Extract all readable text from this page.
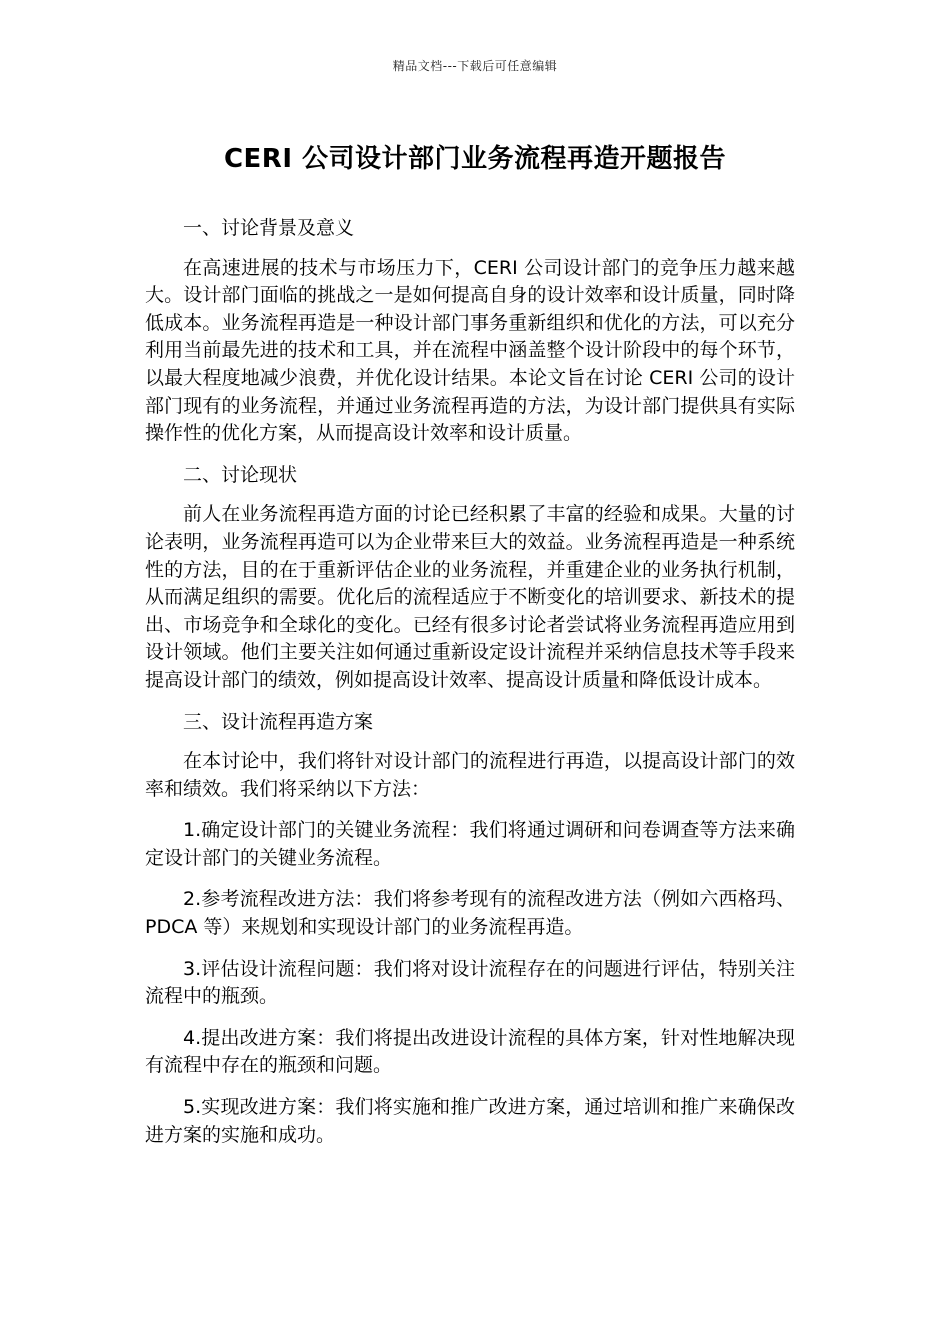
精品文档---下载后可任意编辑
CERI 公司设计部门业务流程再造开题报告

一、讨论背景及意义

在高速进展的技术与市场压力下，CERI 公司设计部门的竞争压力越来越大。设计部门面临的挑战之一是如何提高自身的设计效率和设计质量，同时降低成本。业务流程再造是一种设计部门事务重新组织和优化的方法，可以充分利用当前最先进的技术和工具，并在流程中涵盖整个设计阶段中的每个环节，以最大程度地减少浪费，并优化设计结果。本论文旨在讨论 CERI 公司的设计部门现有的业务流程，并通过业务流程再造的方法，为设计部门提供具有实际操作性的优化方案，从而提高设计效率和设计质量。

二、讨论现状

前人在业务流程再造方面的讨论已经积累了丰富的经验和成果。大量的讨论表明，业务流程再造可以为企业带来巨大的效益。业务流程再造是一种系统性的方法，目的在于重新评估企业的业务流程，并重建企业的业务执行机制，从而满足组织的需要。优化后的流程适应于不断变化的培训要求、新技术的提出、市场竞争和全球化的变化。已经有很多讨论者尝试将业务流程再造应用到设计领域。他们主要关注如何通过重新设定设计流程并采纳信息技术等手段来提高设计部门的绩效，例如提高设计效率、提高设计质量和降低设计成本。

三、设计流程再造方案

在本讨论中，我们将针对设计部门的流程进行再造，以提高设计部门的效率和绩效。我们将采纳以下方法：

1.确定设计部门的关键业务流程：我们将通过调研和问卷调查等方法来确定设计部门的关键业务流程。

2.参考流程改进方法：我们将参考现有的流程改进方法（例如六西格玛、PDCA 等）来规划和实现设计部门的业务流程再造。

3.评估设计流程问题：我们将对设计流程存在的问题进行评估，特别关注流程中的瓶颈。

4.提出改进方案：我们将提出改进设计流程的具体方案，针对性地解决现有流程中存在的瓶颈和问题。

5.实现改进方案：我们将实施和推广改进方案，通过培训和推广来确保改进方案的实施和成功。
